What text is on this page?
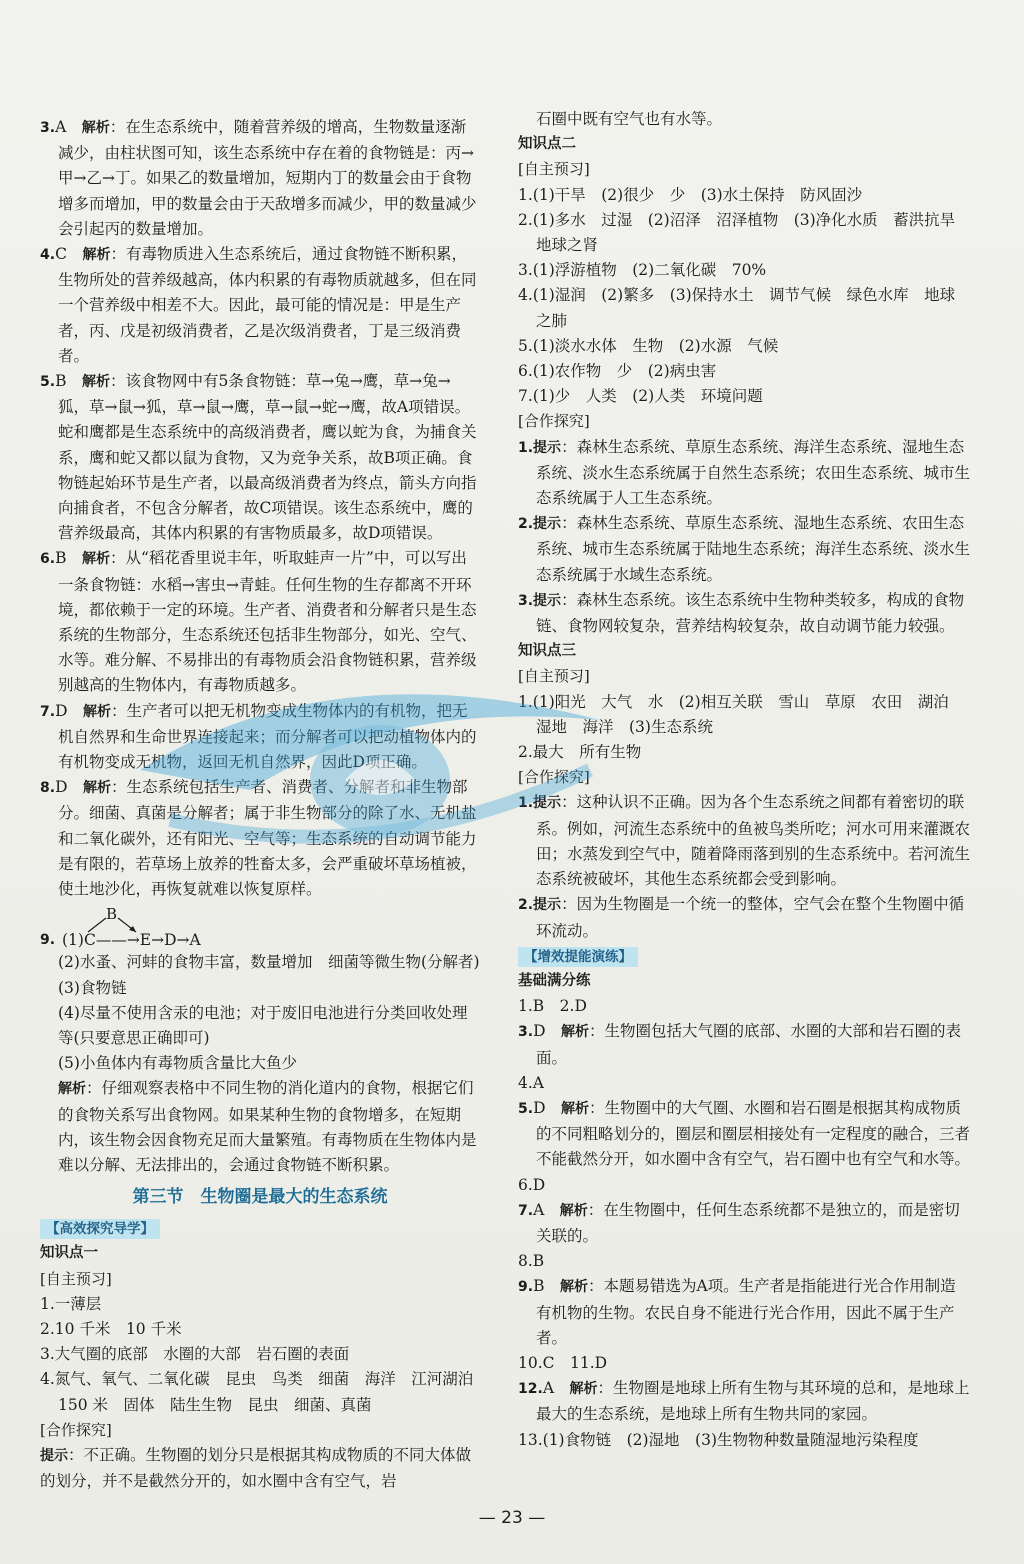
3.A　 解析：在生态系统中，随着营养级的增高，生物数量逐渐减少，由柱状图可知，该生态系统中存在着的食物链是：丙→甲→乙→丁。如果乙的数量增加，短期内丁的数量会由于食物增多而增加，甲的数量会由于天敌增多而减少，甲的数量减少会引起丙的数量增加。

4.C　 解析：有毒物质进入生态系统后，通过食物链不断积累，生物所处的营养级越高，体内积累的有毒物质就越多，但在同一个营养级中相差不大。因此，最可能的情况是：甲是生产者，丙、戊是初级消费者，乙是次级消费者，丁是三级消费者。

5.B　 解析：该食物网中有5条食物链：草→兔→鹰，草→兔→狐，草→鼠→狐，草→鼠→鹰，草→鼠→蛇→鹰，故A项错误。蛇和鹰都是生态系统中的高级消费者，鹰以蛇为食，为捕食关系，鹰和蛇又都以鼠为食物，又为竞争关系，故B项正确。食物链起始环节是生产者，以最高级消费者为终点，箭头方向指向捕食者，不包含分解者，故C项错误。该生态系统中，鹰的营养级最高，其体内积累的有害物质最多，故D项错误。

6.B　 解析：从“稻花香里说丰年，听取蛙声一片”中，可以写出一条食物链：水稻→害虫→青蛙。任何生物的生存都离不开环境，都依赖于一定的环境。生产者、消费者和分解者只是生态系统的生物部分，生态系统还包括非生物部分，如光、空气、水等。难分解、不易排出的有毒物质会沿食物链积累，营养级别越高的生物体内，有毒物质越多。

7.D　 解析：生产者可以把无机物变成生物体内的有机物，把无机自然界和生命世界连接起来；而分解者可以把动植物体内的有机物变成无机物，返回无机自然界，因此D项正确。

8.D　 解析：生态系统包括生产者、消费者、分解者和非生物部分。细菌、真菌是分解者；属于非生物部分的除了水、无机盐和二氧化碳外，还有阳光、空气等；生态系统的自动调节能力是有限的，若草场上放养的牲畜太多，会严重破坏草场植被，使土地沙化，再恢复就难以恢复原样。

9.
B
(1)C——→E→D→A

(2)水蚤、河蚌的食物丰富，数量增加　细菌等微生物(分解者)　(3)食物链

(4)尽量不使用含汞的电池；对于废旧电池进行分类回收处理等(只要意思正确即可)

(5)小鱼体内有毒物质含量比大鱼少

解析：仔细观察表格中不同生物的消化道内的食物，根据它们的食物关系写出食物网。如果某种生物的食物增多，在短期内，该生物会因食物充足而大量繁殖。有毒物质在生物体内是难以分解、无法排出的，会通过食物链不断积累。

第三节　生物圈是最大的生态系统
【高效探究导学】

知识点一

[自主预习]

1.一薄层

2.10 千米　10 千米

3.大气圈的底部　水圈的大部　岩石圈的表面

4.氮气、氧气、二氧化碳　昆虫　鸟类　细菌　海洋　江河湖泊　150 米　固体　陆生生物　昆虫　细菌、真菌

[合作探究]

提示：不正确。生物圈的划分只是根据其构成物质的不同大体做的划分，并不是截然分开的，如水圈中含有空气，岩

石圈中既有空气也有水等。

知识点二

[自主预习]

1.(1)干旱　(2)很少　少　(3)水土保持　防风固沙

2.(1)多水　过湿　(2)沼泽　沼泽植物　(3)净化水质　蓄洪抗旱　地球之肾

3.(1)浮游植物　(2)二氧化碳　70%

4.(1)湿润　(2)繁多　(3)保持水土　调节气候　绿色水库　地球之肺

5.(1)淡水水体　生物　(2)水源　气候

6.(1)农作物　少　(2)病虫害

7.(1)少　人类　(2)人类　环境问题

[合作探究]

1.提示：森林生态系统、草原生态系统、海洋生态系统、湿地生态系统、淡水生态系统属于自然生态系统；农田生态系统、城市生态系统属于人工生态系统。

2.提示：森林生态系统、草原生态系统、湿地生态系统、农田生态系统、城市生态系统属于陆地生态系统；海洋生态系统、淡水生态系统属于水域生态系统。

3.提示：森林生态系统。该生态系统中生物种类较多，构成的食物链、食物网较复杂，营养结构较复杂，故自动调节能力较强。

知识点三

[自主预习]

1.(1)阳光　大气　水　(2)相互关联　雪山　草原　农田　湖泊　湿地　海洋　(3)生态系统

2.最大　所有生物

[合作探究]

1.提示：这种认识不正确。因为各个生态系统之间都有着密切的联系。例如，河流生态系统中的鱼被鸟类所吃；河水可用来灌溉农田；水蒸发到空气中，随着降雨落到别的生态系统中。若河流生态系统被破坏，其他生态系统都会受到影响。

2.提示：因为生物圈是一个统一的整体，空气会在整个生物圈中循环流动。

【增效提能演练】

基础满分练

1.B　2.D

3.D　 解析：生物圈包括大气圈的底部、水圈的大部和岩石圈的表面。

4.A

5.D　 解析：生物圈中的大气圈、水圈和岩石圈是根据其构成物质的不同粗略划分的，圈层和圈层相接处有一定程度的融合，三者不能截然分开，如水圈中含有空气，岩石圈中也有空气和水等。

6.D

7.A　 解析：在生物圈中，任何生态系统都不是独立的，而是密切关联的。

8.B

9.B　 解析：本题易错选为A项。生产者是指能进行光合作用制造有机物的生物。农民自身不能进行光合作用，因此不属于生产者。

10.C　11.D

12.A　 解析：生物圈是地球上所有生物与其环境的总和，是地球上最大的生态系统，是地球上所有生物共同的家园。

13.(1)食物链　(2)湿地　(3)生物物种数量随湿地污染程度

— 23 —
